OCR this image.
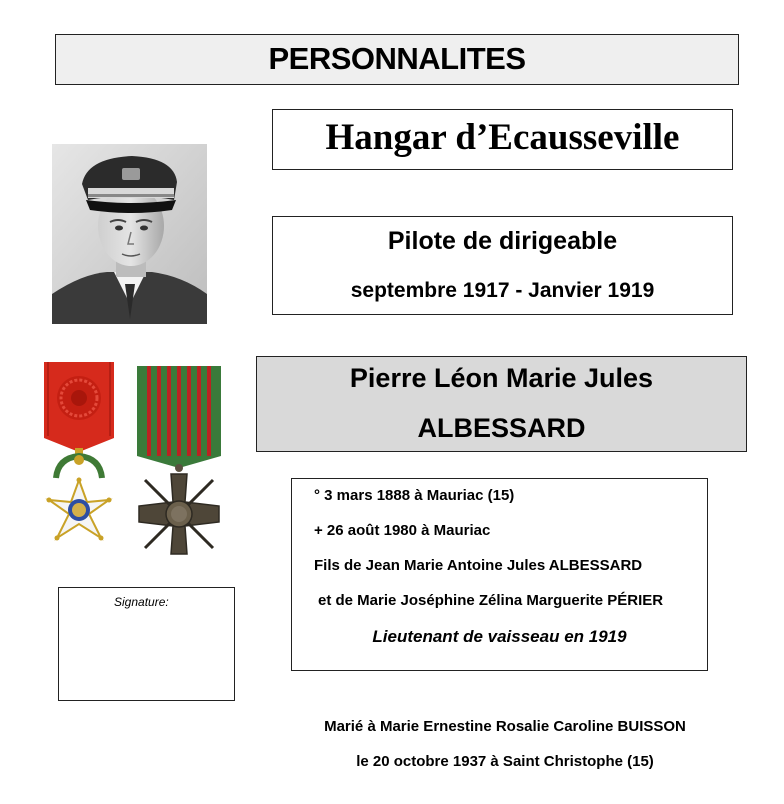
PERSONNALITES
Hangar d’Ecausseville
Pilote de dirigeable
septembre 1917 - Janvier 1919
Pierre Léon Marie Jules
ALBESSARD
° 3 mars 1888 à Mauriac (15)
+ 26 août 1980 à Mauriac
Fils de Jean Marie Antoine Jules ALBESSARD
et de Marie Joséphine Zélina Marguerite PÉRIER
Lieutenant de vaisseau en 1919
Signature:
Marié à Marie Ernestine Rosalie Caroline BUISSON
le 20 octobre 1937 à Saint Christophe (15)
